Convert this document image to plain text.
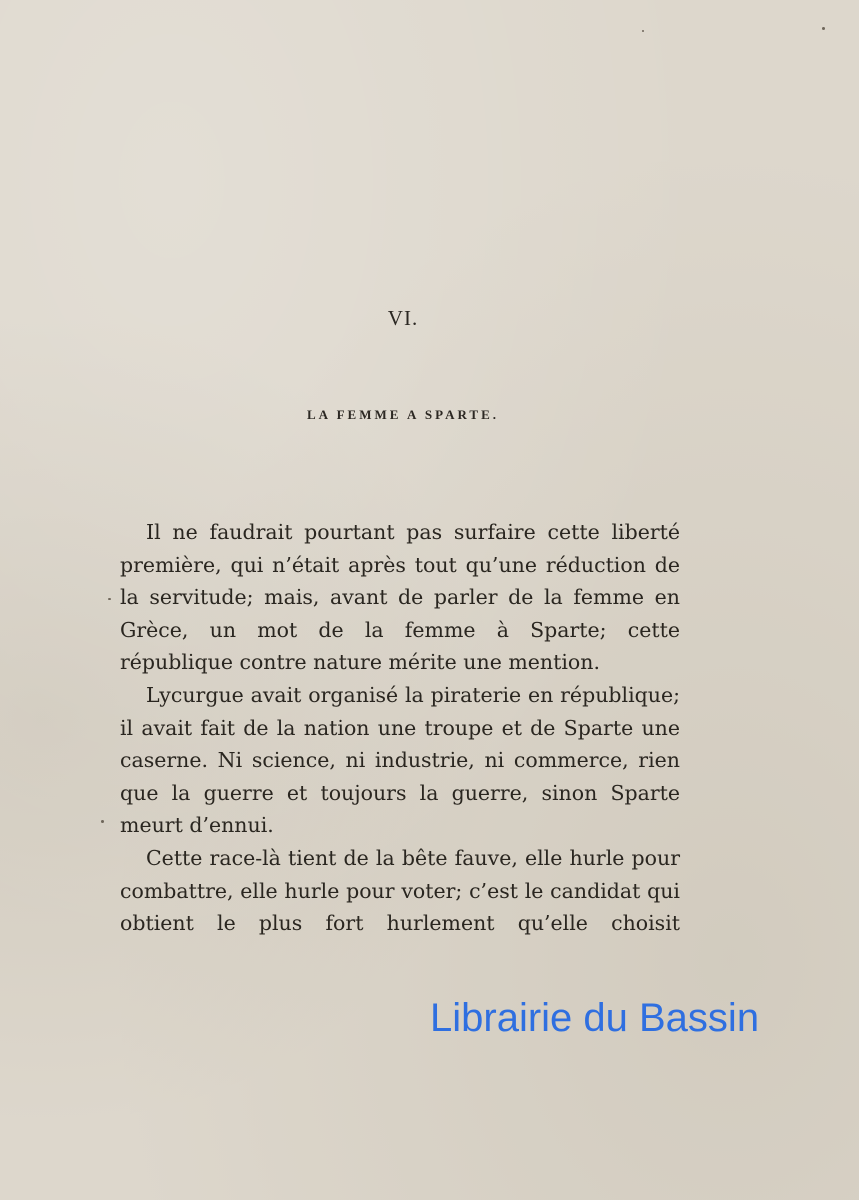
VI.
LA FEMME A SPARTE.

Il ne faudrait pourtant pas surfaire cette liberté première, qui n’était après tout qu’une réduction de la servitude; mais, avant de parler de la femme en Grèce, un mot de la femme à Sparte; cette république contre nature mérite une mention.

Lycurgue avait organisé la piraterie en république; il avait fait de la nation une troupe et de Sparte une caserne. Ni science, ni industrie, ni commerce, rien que la guerre et toujours la guerre, sinon Sparte meurt d’ennui.

Cette race-là tient de la bête fauve, elle hurle pour combattre, elle hurle pour voter; c’est le candidat qui obtient le plus fort hurlement qu’elle choisit

Librairie du Bassin
